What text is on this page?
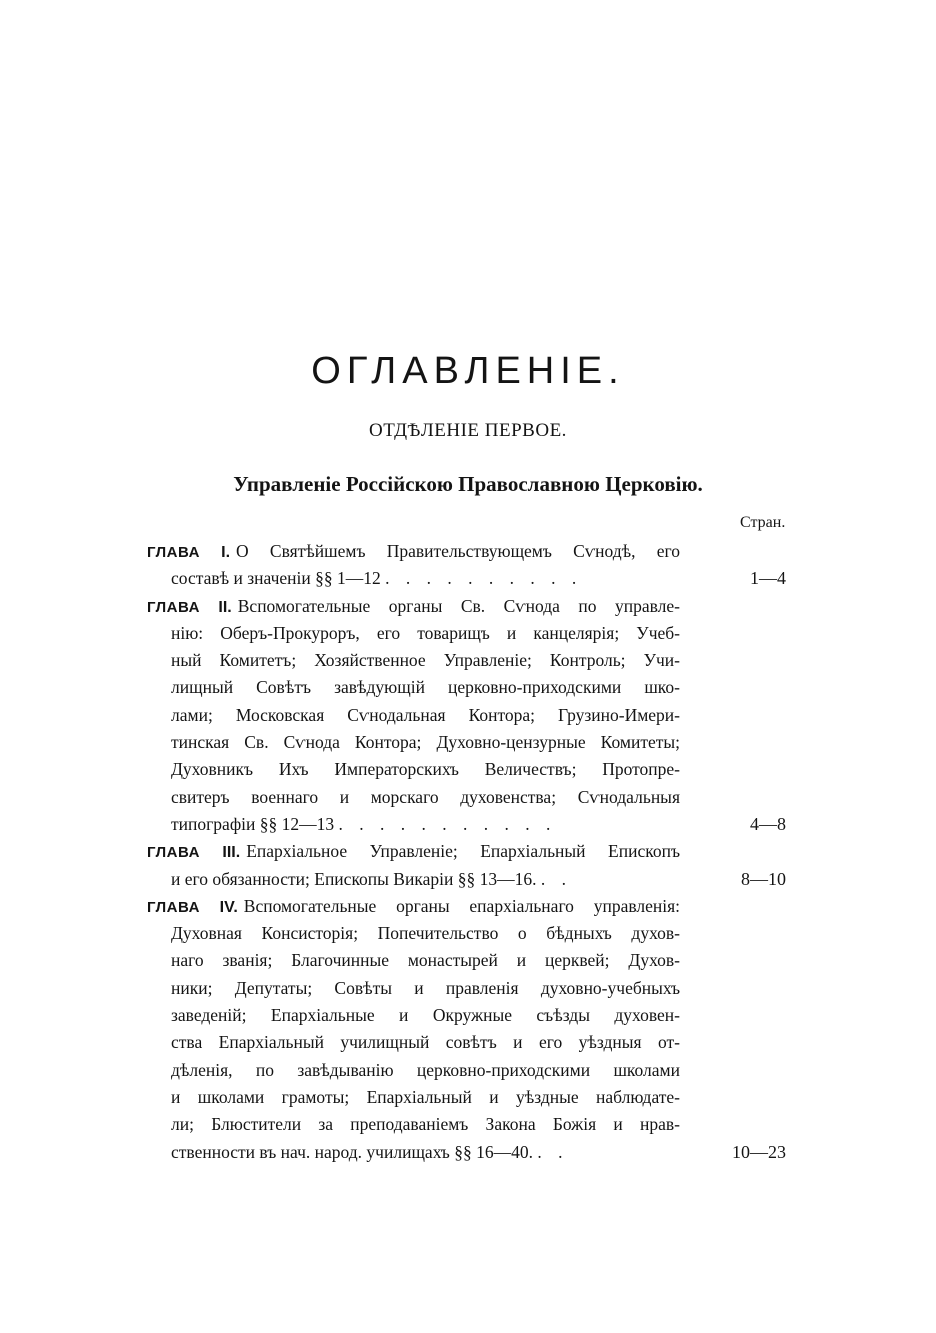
ОГЛАВЛЕНІЕ.
ОТДѢЛЕНІЕ ПЕРВОЕ.
Управленіе Россійскою Православною Церковію.
Стран.
ГЛАВА I. О Святѣйшемъ Правительствующемъ Сѵнодѣ, его
составѣ и значеніи §§ 1—12 . . . . . . . . . .	1—4
ГЛАВА II. Вспомогательные органы Св. Сѵнода по управле-
нію: Оберъ-Прокуроръ, его товарищъ и канцелярія; Учеб-
ный Комитетъ; Хозяйственное Управленіе; Контроль; Учи-
лищный Совѣтъ завѣдующій церковно-приходскими шко-
лами; Московская Сѵнодальная Контора; Грузино-Имери-
тинская Св. Сѵнода Контора; Духовно-цензурные Комитеты;
Духовникъ Ихъ Императорскихъ Величествъ; Протопре-
свитеръ военнаго и морскаго духовенства; Сѵнодальныя
типографіи §§ 12—13 . . . . . . . . . . .	4—8
ГЛАВА III. Епархіальное Управленіе; Епархіальный Епископъ
и его обязанности; Епископы Викаріи §§ 13—16. . .	8—10
ГЛАВА IV. Вспомогательные органы епархіальнаго управленія:
Духовная Консисторія; Попечительство о бѣдныхъ духов-
наго званія; Благочинные монастырей и церквей; Духов-
ники; Депутаты; Совѣты и правленія духовно-учебныхъ
заведеній; Епархіальные и Окружные съѣзды духовен-
ства Епархіальный училищный совѣтъ и его уѣздныя от-
дѣленія, по завѣдыванію церковно-приходскими школами
и школами грамоты; Епархіальный и уѣздные наблюдате-
ли; Блюстители за преподаваніемъ Закона Божія и нрав-
ственности въ нач. народ. училищахъ §§ 16—40. . .	10—23
